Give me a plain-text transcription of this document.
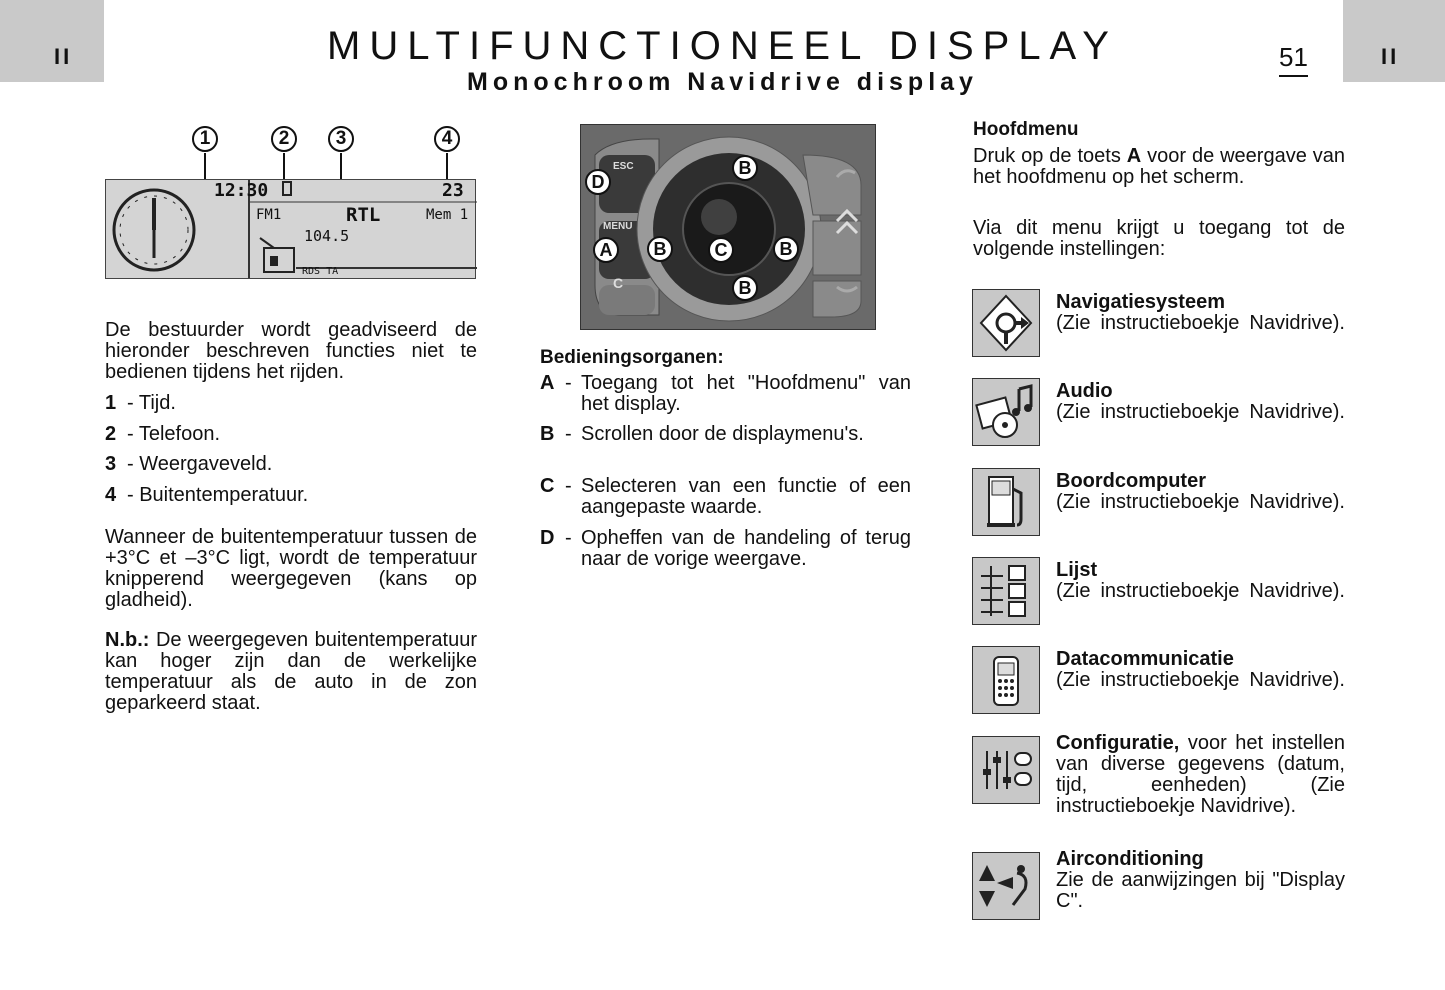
II	II
MULTIFUNCTIONEEL DISPLAY
Monochroom Navidrive display
51
1	2	3	4
12:30	23
FM1	RTL	Mem 1
104.5
RDS TA
De bestuurder wordt geadviseerd de hieronder beschreven functies niet te bedienen tijdens het rijden.
1 - Tijd.
2 - Telefoon.
3 - Weergaveveld.
4 - Buitentemperatuur.
Wanneer de buitentemperatuur tussen de +3°C et –3°C ligt, wordt de temperatuur knipperend weergegeven (kans op gladheid).
N.b.: De weergegeven buitentemperatuur kan hoger zijn dan de werkelijke temperatuur als de auto in de zon geparkeerd staat.
ESC
MENU
C
D
A
B
B	C	B
B
Bedieningsorganen:
A - Toegang tot het "Hoofdmenu" van het display.
B - Scrollen door de displaymenu's.
C - Selecteren van een functie of een aangepaste waarde.
D - Opheffen van de handeling of terug naar de vorige weergave.
Hoofdmenu
Druk op de toets A voor de weergave van het hoofdmenu op het scherm.
Via dit menu krijgt u toegang tot de volgende instellingen:
Navigatiesysteem
(Zie instructieboekje Navidrive).
Audio
(Zie instructieboekje Navidrive).
Boordcomputer
(Zie instructieboekje Navidrive).
Lijst
(Zie instructieboekje Navidrive).
Datacommunicatie
(Zie instructieboekje Navidrive).
Configuratie, voor het instellen van diverse gegevens (datum, tijd, eenheden) (Zie instructieboekje Navidrive).
Airconditioning
Zie de aanwijzingen bij "Display C".
